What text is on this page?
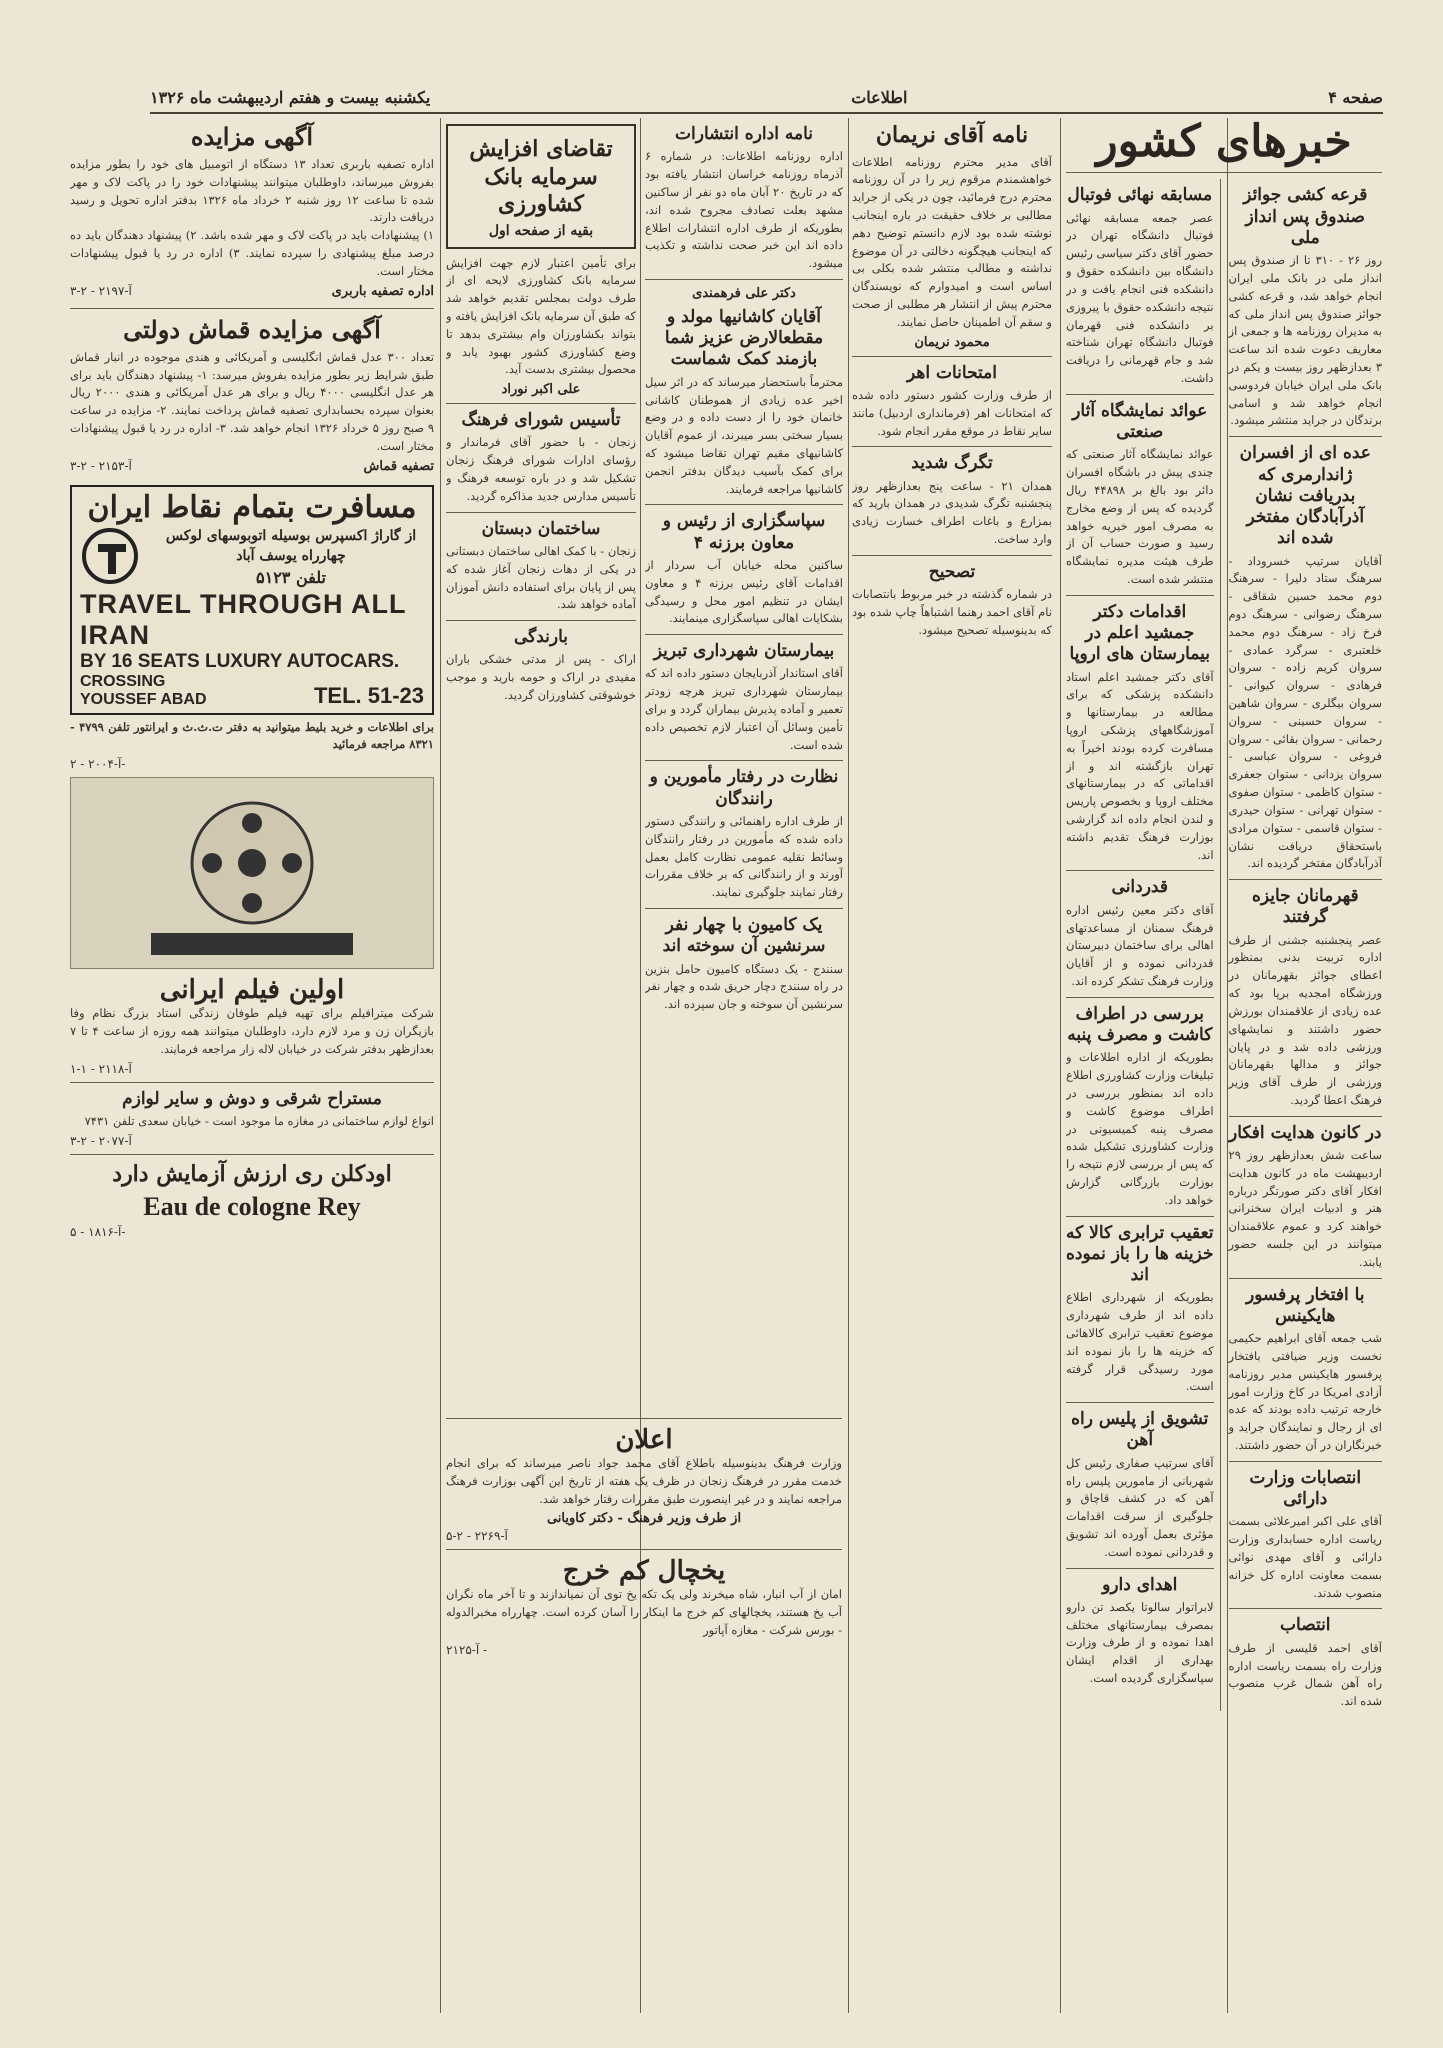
صفحه ۴
اطلاعات
یکشنبه بیست و هفتم اردیبهشت ماه ۱۳۲۶
خبرهای کشور
قرعه کشی جوائز صندوق پس انداز ملی
روز ۲۶ - ۳۱۰ تا از صندوق پس انداز ملی در بانک ملی ایران انجام خواهد شد، و قرعه کشی جوائز صندوق پس انداز ملی که به مدیران روزنامه ها و جمعی از معاریف دعوت شده اند ساعت ۳ بعدازظهر روز بیست و یکم در بانک ملی ایران خیابان فردوسی انجام خواهد شد و اسامی برندگان در جراید منتشر میشود.
عده ای از افسران ژاندارمری که بدریافت نشان آذرآبادگان مفتخر شده اند
آقایان سرتیپ خسروداد - سرهنگ ستاد دلیرا - سرهنگ دوم محمد حسین شقاقی - سرهنگ رضوانی - سرهنگ دوم فرخ زاد - سرهنگ دوم محمد خلعتبری - سرگرد عمادی - سروان کریم زاده - سروان فرهادی - سروان کیوانی - سروان بیگلری - سروان شاهین - سروان حسینی - سروان رحمانی - سروان بقائی - سروان فروغی - سروان عباسی - سروان یزدانی - ستوان جعفری - ستوان کاظمی - ستوان صفوی - ستوان تهرانی - ستوان حیدری - ستوان قاسمی - ستوان مرادی باستحقاق دریافت نشان آذرآبادگان مفتخر گردیده اند.
قهرمانان جایزه گرفتند
عصر پنجشنبه جشنی از طرف اداره تربیت بدنی بمنظور اعطای جوائز بقهرمانان در ورزشگاه امجدیه برپا بود که عده زیادی از علاقمندان بورزش حضور داشتند و نمایشهای ورزشی داده شد و در پایان جوائز و مدالها بقهرمانان ورزشی از طرف آقای وزیر فرهنگ اعطا گردید.
در کانون هدایت افکار
ساعت شش بعدازظهر روز ۲۹ اردیبهشت ماه در کانون هدایت افکار آقای دکتر صورتگر درباره هنر و ادبیات ایران سخنرانی خواهند کرد و عموم علاقمندان میتوانند در این جلسه حضور یابند.
با افتخار پرفسور هایکینس
شب جمعه آقای ابراهیم حکیمی نخست وزیر ضیافتی بافتخار پرفسور هایکینس مدیر روزنامه آزادی امریکا در کاخ وزارت امور خارجه ترتیب داده بودند که عده ای از رجال و نمایندگان جراید و خبرنگاران در آن حضور داشتند.
انتصابات وزارت دارائی
آقای علی اکبر امیرعلائی بسمت ریاست اداره حسابداری وزارت دارائی و آقای مهدی نوائی بسمت معاونت اداره کل خزانه منصوب شدند.
انتصاب
آقای احمد قلیسی از طرف وزارت راه بسمت ریاست اداره راه آهن شمال غرب منصوب شده اند.
مسابقه نهائی فوتبال
عصر جمعه مسابقه نهائی فوتبال دانشگاه تهران در حضور آقای دکتر سیاسی رئیس دانشگاه بین دانشکده حقوق و دانشکده فنی انجام یافت و در نتیجه دانشکده حقوق با پیروزی بر دانشکده فنی قهرمان فوتبال دانشگاه تهران شناخته شد و جام قهرمانی را دریافت داشت.
عوائد نمایشگاه آثار صنعتی
عوائد نمایشگاه آثار صنعتی که چندی پیش در باشگاه افسران دائر بود بالغ بر ۴۴۸۹۸ ریال گردیده که پس از وضع مخارج به مصرف امور خیریه خواهد رسید و صورت حساب آن از طرف هیئت مدیره نمایشگاه منتشر شده است.
اقدامات دکتر جمشید اعلم در بیمارستان های اروپا
آقای دکتر جمشید اعلم استاد دانشکده پزشکی که برای مطالعه در بیمارستانها و آموزشگاههای پزشکی اروپا مسافرت کرده بودند اخیراً به تهران بازگشته اند و از اقداماتی که در بیمارستانهای مختلف اروپا و بخصوص پاریس و لندن انجام داده اند گزارشی بوزارت فرهنگ تقدیم داشته اند.
قدردانی
آقای دکتر معین رئیس اداره فرهنگ سمنان از مساعدتهای اهالی برای ساختمان دبیرستان قدردانی نموده و از آقایان وزارت فرهنگ تشکر کرده اند.
بررسی در اطراف کاشت و مصرف پنبه
بطوریکه از اداره اطلاعات و تبلیغات وزارت کشاورزی اطلاع داده اند بمنظور بررسی در اطراف موضوع کاشت و مصرف پنبه کمیسیونی در وزارت کشاورزی تشکیل شده که پس از بررسی لازم نتیجه را بوزارت بازرگانی گزارش خواهد داد.
تعقیب ترابری کالا که خزینه ها را باز نموده اند
بطوریکه از شهرداری اطلاع داده اند از طرف شهرداری موضوع تعقیب ترابری کالاهائی که خزینه ها را باز نموده اند مورد رسیدگی قرار گرفته است.
تشویق از پلیس راه آهن
آقای سرتیپ صفاری رئیس کل شهربانی از مامورین پلیس راه آهن که در کشف قاچاق و جلوگیری از سرقت اقدامات مؤثری بعمل آورده اند تشویق و قدردانی نموده است.
اهدای دارو
لابراتوار سالوتا یکصد تن دارو بمصرف بیمارستانهای مختلف اهدا نموده و از طرف وزارت بهداری از اقدام ایشان سپاسگزاری گردیده است.
نامه آقای نریمان
آقای مدیر محترم روزنامه اطلاعات خواهشمندم مرقوم زیر را در آن روزنامه محترم درج فرمائید، چون در یکی از جراید مطالبی بر خلاف حقیقت در باره اینجانب نوشته شده بود لازم دانستم توضیح دهم که اینجانب هیچگونه دخالتی در آن موضوع نداشته و مطالب منتشر شده بکلی بی اساس است و امیدوارم که نویسندگان محترم پیش از انتشار هر مطلبی از صحت و سقم آن اطمینان حاصل نمایند.
محمود نریمان
امتحانات اهر
از طرف وزارت کشور دستور داده شده که امتحانات اهر (فرمانداری اردبیل) مانند سایر نقاط در موقع مقرر انجام شود.
تگرگ شدید
همدان ۲۱ - ساعت پنج بعدازظهر روز پنجشنبه تگرگ شدیدی در همدان بارید که بمزارع و باغات اطراف خسارت زیادی وارد ساخت.
تصحیح
در شماره گذشته در خبر مربوط بانتصابات نام آقای احمد رهنما اشتباهاً چاپ شده بود که بدینوسیله تصحیح میشود.
نامه اداره انتشارات
اداره روزنامه اطلاعات: در شماره ۶ آذرماه روزنامه خراسان انتشار یافته بود که در تاریخ ۲۰ آبان ماه دو نفر از ساکنین مشهد بعلت تصادف مجروح شده اند، بطوریکه از طرف اداره انتشارات اطلاع داده اند این خبر صحت نداشته و تکذیب میشود.
دکتر علی فرهمندی
آقایان کاشانیها مولد و مقطعالارض عزیز شما بازمند کمک شماست
محترماً باستحضار میرساند که در اثر سیل اخیر عده زیادی از هموطنان کاشانی خانمان خود را از دست داده و در وضع بسیار سختی بسر میبرند، از عموم آقایان کاشانیهای مقیم تهران تقاضا میشود که برای کمک بآسیب دیدگان بدفتر انجمن کاشانیها مراجعه فرمایند.
سپاسگزاری از رئیس و معاون برزنه ۴
ساکنین محله خیابان آب سردار از اقدامات آقای رئیس برزنه ۴ و معاون ایشان در تنظیم امور محل و رسیدگی بشکایات اهالی سپاسگزاری مینمایند.
بیمارستان شهرداری تبریز
آقای استاندار آذربایجان دستور داده اند که بیمارستان شهرداری تبریز هرچه زودتر تعمیر و آماده پذیرش بیماران گردد و برای تأمین وسائل آن اعتبار لازم تخصیص داده شده است.
نظارت در رفتار مأمورین و رانندگان
از طرف اداره راهنمائی و رانندگی دستور داده شده که مأمورین در رفتار رانندگان وسائط نقلیه عمومی نظارت کامل بعمل آورند و از رانندگانی که بر خلاف مقررات رفتار نمایند جلوگیری نمایند.
یک کامیون با چهار نفر سرنشین آن سوخته اند
سنندج - یک دستگاه کامیون حامل بنزین در راه سنندج دچار حریق شده و چهار نفر سرنشین آن سوخته و جان سپرده اند.
تقاضای افزایش سرمایه بانک کشاورزی
بقیه از صفحه اول
برای تأمین اعتبار لازم جهت افزایش سرمایه بانک کشاورزی لایحه ای از طرف دولت بمجلس تقدیم خواهد شد که طبق آن سرمایه بانک افزایش یافته و بتواند بکشاورزان وام بیشتری بدهد تا وضع کشاورزی کشور بهبود یابد و محصول بیشتری بدست آید.
علی اکبر نوراد
تأسیس شورای فرهنگ
زنجان - با حضور آقای فرماندار و رؤسای ادارات شورای فرهنگ زنجان تشکیل شد و در باره توسعه فرهنگ و تأسیس مدارس جدید مذاکره گردید.
ساختمان دبستان
زنجان - با کمک اهالی ساختمان دبستانی در یکی از دهات زنجان آغاز شده که پس از پایان برای استفاده دانش آموزان آماده خواهد شد.
بارندگی
اراک - پس از مدتی خشکی باران مفیدی در اراک و حومه بارید و موجب خوشوقتی کشاورزان گردید.
اعلان
وزارت فرهنگ بدینوسیله باطلاع آقای محمد جواد ناصر میرساند که برای انجام خدمت مقرر در فرهنگ زنجان در ظرف یک هفته از تاریخ این آگهی بوزارت فرهنگ مراجعه نمایند و در غیر اینصورت طبق مقررات رفتار خواهد شد.
از طرف وزیر فرهنگ - دکتر کاویانی
آ-۲۲۶۹ - ۲-۵
یخچال کم خرج
امان از آب انبار، شاه میخرند ولی یک تکه یخ توی آن نمیاندازند و تا آخر ماه نگران آب یخ هستند، یخچالهای کم خرج ما اینکار را آسان کرده است. چهارراه مخبرالدوله - بورس شرکت - مغازه آپاتور
آ-۲۱۲۵ -
آگهی مزایده
اداره تصفیه باربری تعداد ۱۳ دستگاه از اتومبیل های خود را بطور مزایده بفروش میرساند، داوطلبان میتوانند پیشنهادات خود را در پاکت لاک و مهر شده تا ساعت ۱۲ روز شنبه ۲ خرداد ماه ۱۳۲۶ بدفتر اداره تحویل و رسید دریافت دارند.
۱) پیشنهادات باید در پاکت لاک و مهر شده باشد. ۲) پیشنهاد دهندگان باید ده درصد مبلغ پیشنهادی را سپرده نمایند. ۳) اداره در رد یا قبول پیشنهادات مختار است.
اداره تصفیه باربری
آ-۲۱۹۷ - ۲-۳
آگهی مزایده قماش دولتی
تعداد ۳۰۰ عدل قماش انگلیسی و آمریکائی و هندی موجوده در انبار قماش طبق شرایط زیر بطور مزایده بفروش میرسد: ۱- پیشنهاد دهندگان باید برای هر عدل انگلیسی ۴۰۰۰ ریال و برای هر عدل آمریکائی و هندی ۲۰۰۰ ریال بعنوان سپرده بحسابداری تصفیه قماش پرداخت نمایند. ۲- مزایده در ساعت ۹ صبح روز ۵ خرداد ۱۳۲۶ انجام خواهد شد. ۳- اداره در رد یا قبول پیشنهادات مختار است.
تصفیه قماش
آ-۲۱۵۳ - ۲-۳
مسافرت بتمام نقاط ایران
از گاراژ اکسپرس بوسیله اتوبوسهای لوکس
چهارراه یوسف آباد
تلفن ۵۱۲۳
TRAVEL THROUGH ALL IRAN
BY 16 SEATS LUXURY AUTOCARS.
CROSSING
YOUSSEF ABAD	TEL. 51-23
برای اطلاعات و خرید بلیط میتوانید به دفتر ت.ث.ث و ایرانتور تلفن ۴۷۹۹ - ۸۳۲۱ مراجعه فرمائید
آ-۲۰۰۴ - ۲-
اولین فیلم ایرانی
شرکت میترافیلم برای تهیه فیلم طوفان زندگی استاد بزرگ نظام وفا بازیگران زن و مرد لازم دارد، داوطلبان میتوانند همه روزه از ساعت ۴ تا ۷ بعدازظهر بدفتر شرکت در خیابان لاله زار مراجعه فرمایند.
آ-۲۱۱۸ - ۱-۱
مستراح شرقی و دوش و سایر لوازم
انواع لوازم ساختمانی در مغازه ما موجود است - خیابان سعدی تلفن ۷۴۳۱
آ-۲۰۷۷ - ۲-۳
اودکلن ری ارزش آزمایش دارد
Eau de cologne Rey
آ-۱۸۱۶ - ۵-
